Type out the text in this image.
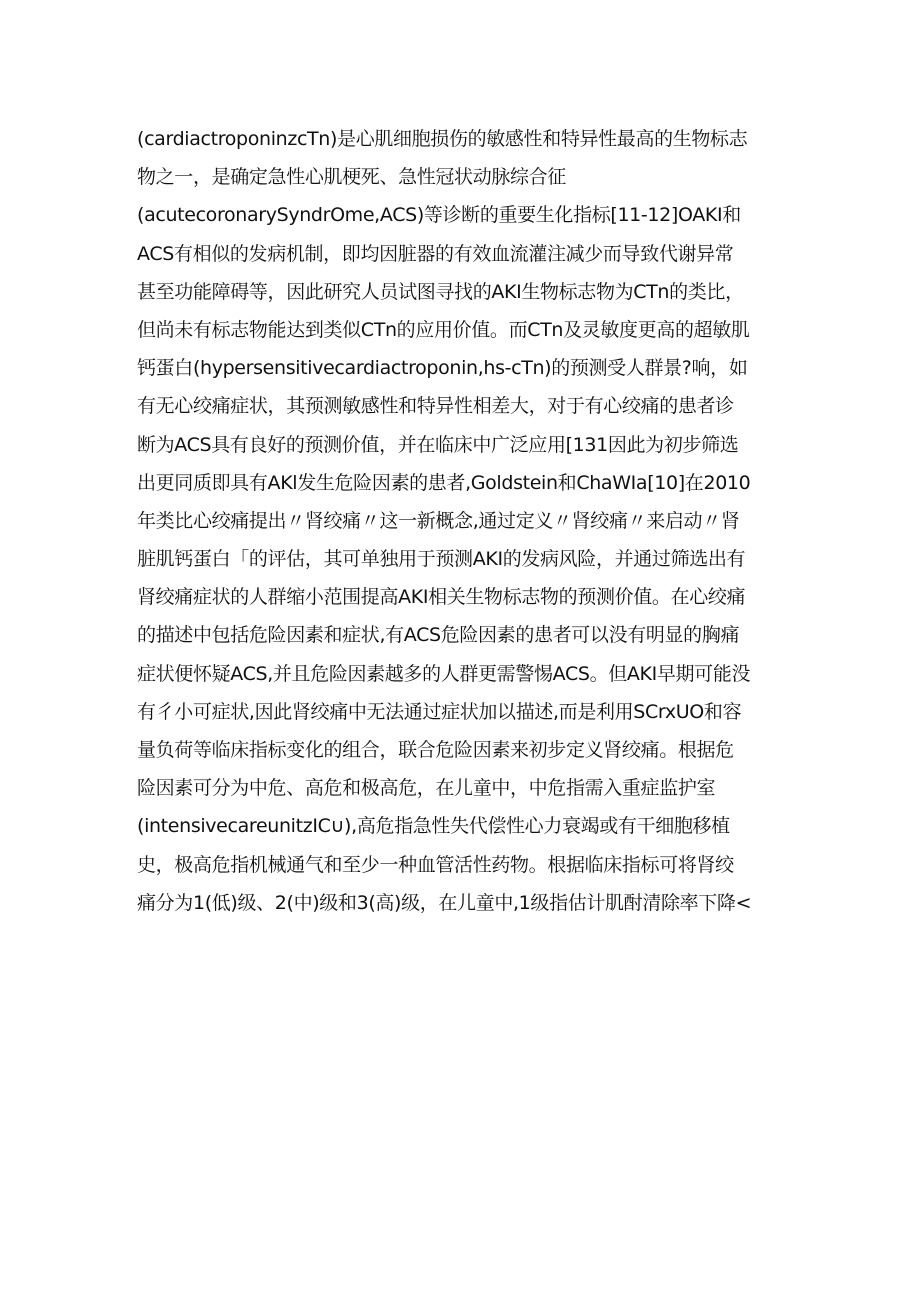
(cardiactroponinzcTn)是心肌细胞损伤的敏感性和特异性最高的生物标志
物之一，是确定急性心肌梗死、急性冠状动脉综合征
(acutecoronarySyndrOme,ACS)等诊断的重要生化指标[11-12]OAKI和
ACS有相似的发病机制，即均因脏器的有效血流灌注减少而导致代谢异常
甚至功能障碍等，因此研究人员试图寻找的AKI生物标志物为CTn的类比，
但尚未有标志物能达到类似CTn的应用价值。而CTn及灵敏度更高的超敏肌
钙蛋白(hypersensitivecardiactroponin,hs-cTn)的预测受人群景?响，如
有无心绞痛症状，其预测敏感性和特异性相差大，对于有心绞痛的患者诊
断为ACS具有良好的预测价值，并在临床中广泛应用[131因此为初步筛选
出更同质即具有AKl发生危险因素的患者,Goldstein和ChaWIa[10]在2010
年类比心绞痛提出〃肾绞痛〃这一新概念,通过定义〃肾绞痛〃来启动〃肾
脏肌钙蛋白「的评估，其可单独用于预测AKI的发病风险，并通过筛选出有
肾绞痛症状的人群缩小范围提高AKI相关生物标志物的预测价值。在心绞痛
的描述中包括危险因素和症状,有ACS危险因素的患者可以没有明显的胸痛
症状便怀疑ACS,并且危险因素越多的人群更需警惕ACS。但AKI早期可能没
有彳小可症状,因此肾绞痛中无法通过症状加以描述,而是利用SCrxUO和容
量负荷等临床指标变化的组合，联合危险因素来初步定义肾绞痛。根据危
险因素可分为中危、高危和极高危，在儿童中，中危指需入重症监护室
(intensivecareunitzIC∪),高危指急性失代偿性心力衰竭或有干细胞移植
史，极高危指机械通气和至少一种血管活性药物。根据临床指标可将肾绞
痛分为1(低)级、2(中)级和3(高)级，在儿童中,1级指估计肌酎清除率下降<
